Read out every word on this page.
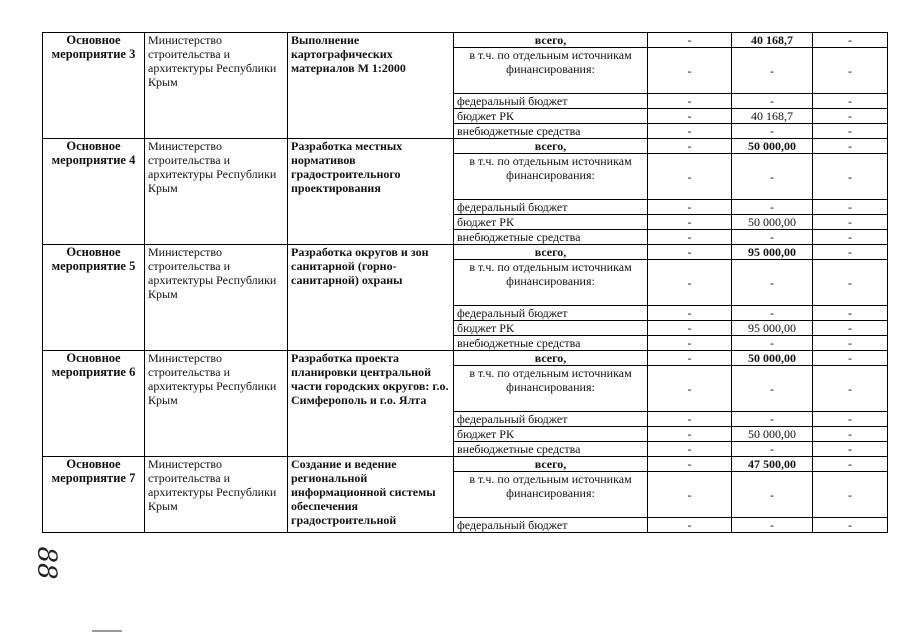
Основное мероприятие 3	Министерство строительства и архитектуры Республики Крым	Выполнение картографических материалов М 1:2000	всего,	-	40 168,7	-
			в т.ч. по отдельным источникам финансирования:	-	-	-
			федеральный бюджет	-	-	-
			бюджет РК	-	40 168,7	-
			внебюджетные средства	-	-	-
Основное мероприятие 4	Министерство строительства и архитектуры Республики Крым	Разработка местных нормативов градостроительного проектирования	всего,	-	50 000,00	-
			в т.ч. по отдельным источникам финансирования:	-	-	-
			федеральный бюджет	-	-	-
			бюджет РК	-	50 000,00	-
			внебюджетные средства	-	-	-
Основное мероприятие 5	Министерство строительства и архитектуры Республики Крым	Разработка округов и зон санитарной (горно-санитарной) охраны	всего,	-	95 000,00	-
			в т.ч. по отдельным источникам финансирования:	-	-	-
			федеральный бюджет	-	-	-
			бюджет РК	-	95 000,00	-
			внебюджетные средства	-	-	-
Основное мероприятие 6	Министерство строительства и архитектуры Республики Крым	Разработка проекта планировки центральной части городских округов: г.о. Симферополь и г.о. Ялта	всего,	-	50 000,00	-
			в т.ч. по отдельным источникам финансирования:	-	-	-
			федеральный бюджет	-	-	-
			бюджет РК	-	50 000,00	-
			внебюджетные средства	-	-	-
Основное мероприятие 7	Министерство строительства и архитектуры Республики Крым	Создание и ведение региональной информационной системы обеспечения градостроительной	всего,	-	47 500,00	-
			в т.ч. по отдельным источникам финансирования:	-	-	-
			федеральный бюджет	-	-	-
88
